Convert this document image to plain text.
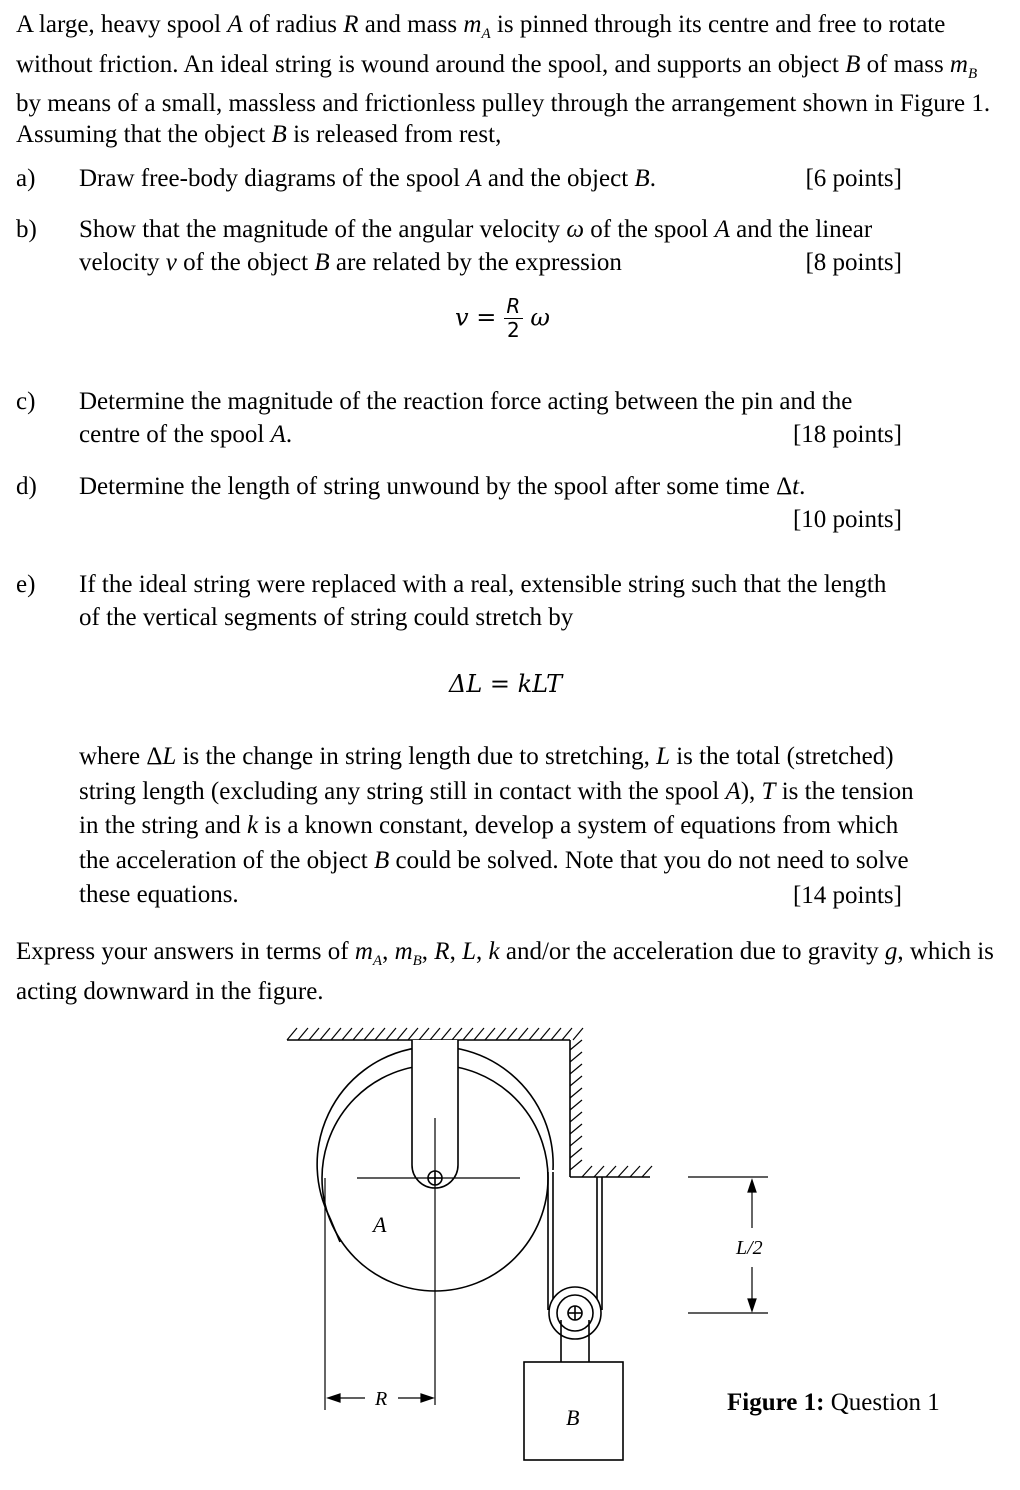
A large, heavy spool A of radius R and mass $m_A$ is pinned through its centre and free to rotate without friction. An ideal string is wound around the spool, and supports an object B of mass $m_B$ by means of a small, massless and frictionless pulley through the arrangement shown in Figure 1. Assuming that the object B is released from rest,
a) Draw free-body diagrams of the spool A and the object B.	[6 points]
b) Show that the magnitude of the angular velocity ω of the spool A and the linear velocity v of the object B are related by the expression	[8 points]
$v = \frac{R}{2}$ ω
c) Determine the magnitude of the reaction force acting between the pin and the centre of the spool A.	[18 points]
d) Determine the length of string unwound by the spool after some time Δt.
[10 points]
e) If the ideal string were replaced with a real, extensible string such that the length of the vertical segments of string could stretch by
ΔL = kLT
where ΔL is the change in string length due to stretching, L is the total (stretched) string length (excluding any string still in contact with the spool A), T is the tension in the string and k is a known constant, develop a system of equations from which the acceleration of the object B could be solved. Note that you do not need to solve these equations.	[14 points]
Express your answers in terms of $m_A$, $m_B$, R, L, k and/or the acceleration due to gravity g, which is acting downward in the figure.
A
B
R
L/2
Figure 1: Question 1
